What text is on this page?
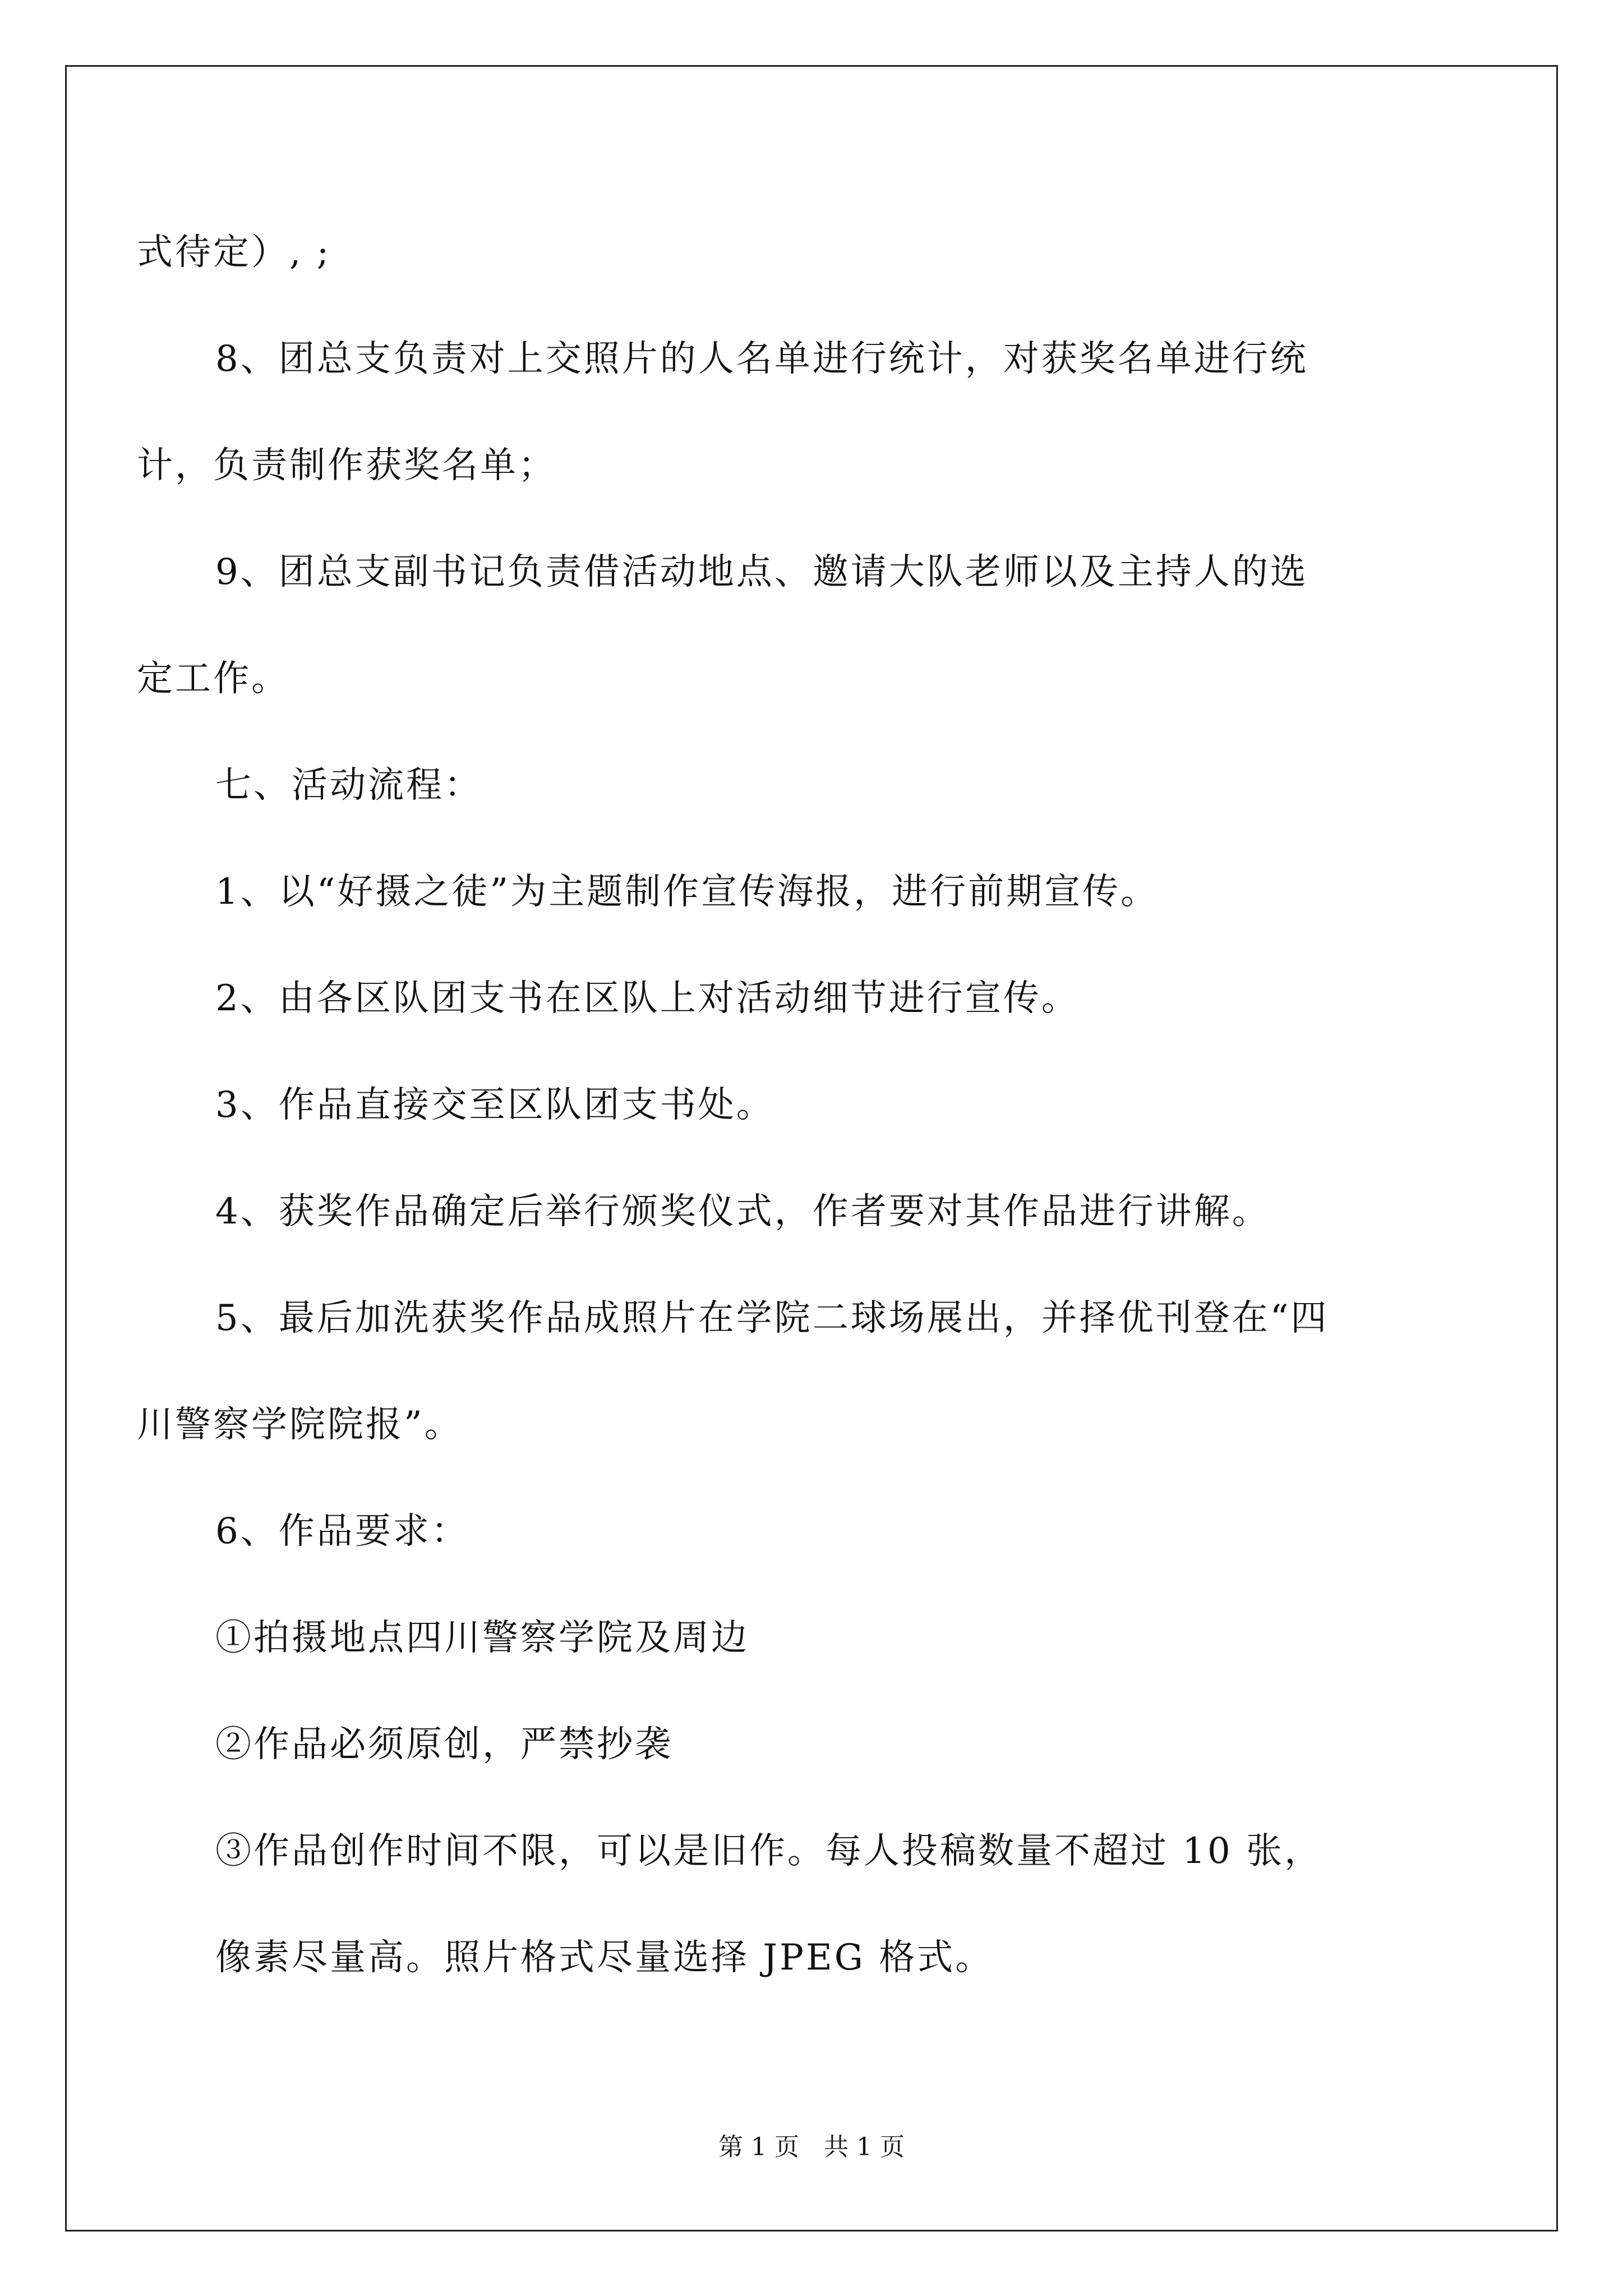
式待定）, ;
8、团总支负责对上交照片的人名单进行统计，对获奖名单进行统
计，负责制作获奖名单；
9、团总支副书记负责借活动地点、邀请大队老师以及主持人的选
定工作。
七、活动流程：
1、以“好摄之徒”为主题制作宣传海报，进行前期宣传。
2、由各区队团支书在区队上对活动细节进行宣传。
3、作品直接交至区队团支书处。
4、获奖作品确定后举行颁奖仪式，作者要对其作品进行讲解。
5、最后加洗获奖作品成照片在学院二球场展出，并择优刊登在“四
川警察学院院报”。
6、作品要求：
①拍摄地点四川警察学院及周边
②作品必须原创，严禁抄袭
③作品创作时间不限，可以是旧作。每人投稿数量不超过 10 张，
像素尽量高。照片格式尽量选择 JPEG 格式。
第 1 页　共 1 页
